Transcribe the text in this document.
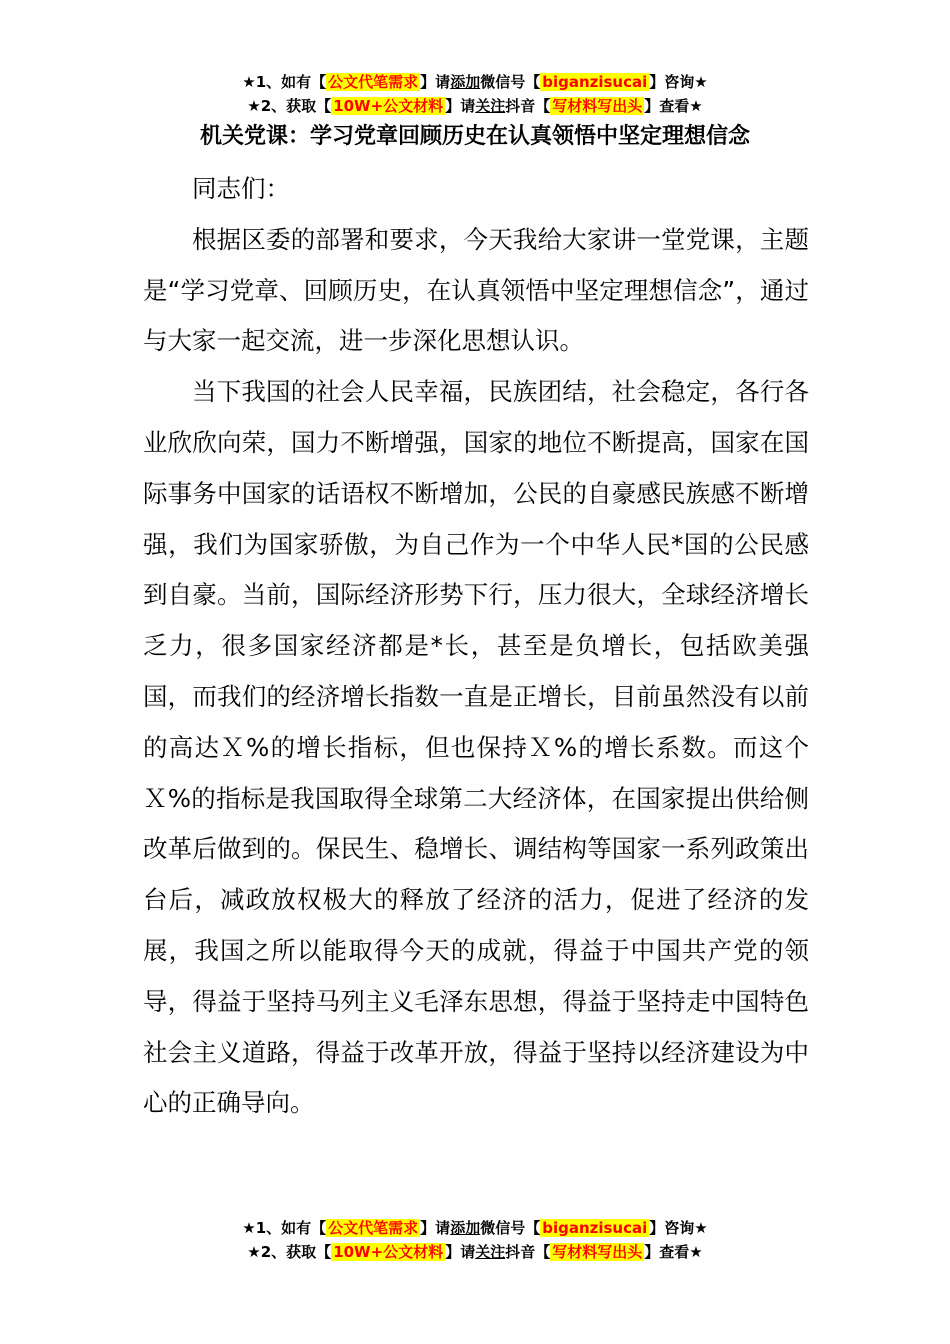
★1、如有【 公文代笔需求 】请添加微信号【 biganzisucai 】咨询★
★2、获取【 10W+公文材料 】请关注抖音【 写材料写出头 】查看★
机关党课：学习党章回顾历史在认真领悟中坚定理想信念

同志们：

根据区委的部署和要求，今天我给大家讲一堂党课，主题是“学习党章、回顾历史，在认真领悟中坚定理想信念”，通过与大家一起交流，进一步深化思想认识。

当下我国的社会人民幸福，民族团结，社会稳定，各行各业欣欣向荣，国力不断增强，国家的地位不断提高，国家在国际事务中国家的话语权不断增加，公民的自豪感民族感不断增强，我们为国家骄傲，为自己作为一个中华人民*国的公民感到自豪。当前，国际经济形势下行，压力很大，全球经济增长乏力，很多国家经济都是*长，甚至是负增长，包括欧美强国，而我们的经济增长指数一直是正增长，目前虽然没有以前的高达Ｘ%的增长指标，但也保持Ｘ%的增长系数。而这个Ｘ%的指标是我国取得全球第二大经济体，在国家提出供给侧改革后做到的。保民生、稳增长、调结构等国家一系列政策出台后，减政放权极大的释放了经济的活力，促进了经济的发展，我国之所以能取得今天的成就，得益于中国共产党的领导，得益于坚持马列主义毛泽东思想，得益于坚持走中国特色社会主义道路，得益于改革开放，得益于坚持以经济建设为中心的正确导向。

★1、如有【 公文代笔需求 】请添加微信号【 biganzisucai 】咨询★
★2、获取【 10W+公文材料 】请关注抖音【 写材料写出头 】查看★
